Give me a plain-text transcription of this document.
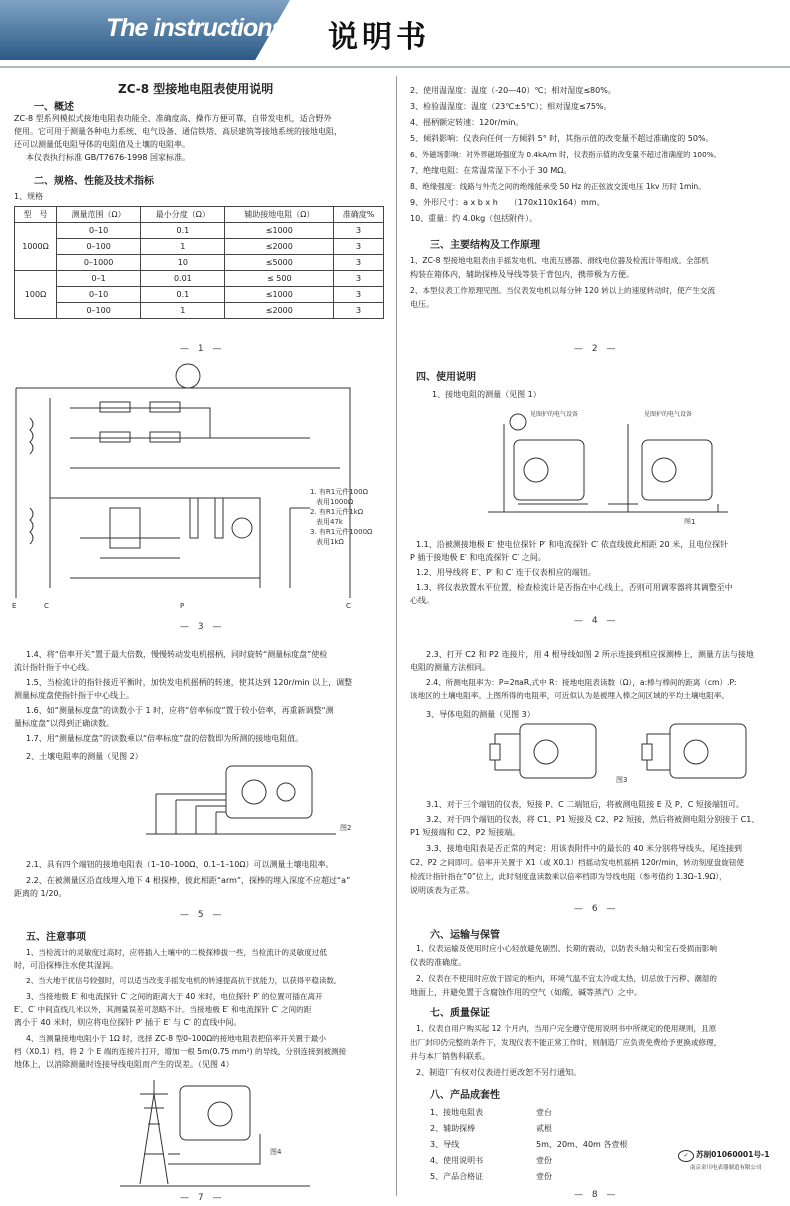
The instructions 说明书
ZC-8 型接地电阻表使用说明
一、概述
ZC-8 型系列模拟式接地电阻表功能全、准确度高、操作方便可靠，自带发电机，适合野外
使用。它可用于测量各种电力系统、电气设备、通信铁塔、高层建筑等接地系统的接地电阻，
还可以测量低电阻导体的电阻值及土壤的电阻率。
本仪表执行标准 GB/T7676-1998 国家标准。
二、规格、性能及技术指标
1、规格
型　号	测量范围（Ω）	最小分度（Ω）	辅助接地电阻（Ω）	准确度%
1000Ω	0–10	0.1	≤1000	3
	0–100	1	≤2000	3
	0–1000	10	≤5000	3
100Ω	0–1	0.01	≤ 500	3
	0–10	0.1	≤1000	3
	0–100	1	≤2000	3
— 1 —
2、使用温湿度：温度（-20—40）℃；相对湿度≤80%。
3、检验温湿度：温度（23℃±5℃）；相对湿度≤75%。
4、摇柄额定转速：120r/min。
5、倾斜影响：仪表向任何一方倾斜 5° 时，其指示值的改变量不超过准确度的 50%。
6、外磁场影响：对外界磁场强度为 0.4kA/m 时，仪表指示值的改变量不超过准确度的 100%。
7、绝缘电阻：在常温常湿下不小于 30 MΩ。
8、绝缘强度：线路与外壳之间的绝缘能承受 50 Hz 的正弦波交流电压 1kv 历时 1min。
9、外形尺寸：a x b x h　　（170x110x164）mm。
10、重量：约 4.0kg（包括附件）。
三、主要结构及工作原理
1、ZC-8 型接地电阻表由手摇发电机、电流互感器、滑线电位器及检流计等组成。全部机
构装在箱体内，辅助探棒及导线等装于背包内，携带极为方便。
2、本型仪表工作原理见图。当仪表发电机以每分钟 120 转以上的速度转动时，使产生交流
电压。
— 2 —
1. 有R1元件100Ω
表用1000Ω
2. 有R1元件1kΩ
表用47k
3. 有R1元件1000Ω
表用1kΩ
E	C	P	C
— 3 —
四、使用说明
1、接地电阻的测量（见图 1）
见图护的电气设备	见图护的电气设备
图1
1.1、沿被测接地极 E′ 使电位探针 P′ 和电流探针 C′ 依直线彼此相距 20 米，且电位探针
P 插于接地极 E′ 和电流探针 C′ 之间。
1.2、用导线将 E′、P′ 和 C′ 连于仪表相应的端钮。
1.3、将仪表放置水平位置，检查检流计是否指在中心线上，否则可用调零器将其调整至中
心线。
— 4 —
1.4、将“倍率开关”置于最大倍数，慢慢转动发电机摇柄，同时旋转“测量标度盘”使检
流计指针指于中心线。
1.5、当检流计的指针接近平衡时，加快发电机摇柄的转速，使其达到 120r/min 以上，调整
测量标度盘使指针指于中心线上。
1.6、如“测量标度盘”的读数小于 1 时，应将“倍率标度”置于较小倍率，再重新调整“测
量标度盘”以得到正确读数。
1.7、用“测量标度盘”的读数乘以“倍率标度”盘的倍数即为所测的接地电阻值。
2、土壤电阻率的测量（见图 2）
图2
2.1、具有四个端钮的接地电阻表（1–10–100Ω、0.1–1–10Ω）可以测量土壤电阻率。
2.2、在被测量区沿直线埋入地下 4 根探棒，彼此相距“arm”，探棒的埋入深度不应超过“a”
距离的 1/20。
— 5 —
2.3、打开 C2 和 P2 连接片，用 4 根导线如图 2 所示连接到相应探测棒上，测量方法与接地
电阻的测量方法相同。
2.4、所测电阻率为：P=2πaR,式中 R：接地电阻表读数（Ω），a:棒与棒间的距离（cm）.P:
该地区的土壤电阻率。上图所得的电阻率，可近似认为是被埋入棒之间区域的平均土壤电阻率。
3、导体电阻的测量（见图 3）
图3
3.1、对于三个端钮的仪表，短接 P、C 二端钮后，将被测电阻接 E 及 P、C 短接端钮可。
3.2、对于四个端钮的仪表，将 C1、P1 短接及 C2、P2 短接，然后将被测电阻分别接于 C1、
P1 短接端和 C2、P2 短接端。
3.3、接地电阻表是否正常的判定：用该表附件中的最长的 40 米分别将导线头、尾连接到
C2、P2 之间即可。倍率开关置于 X1（或 X0.1）档摇动发电机摇柄 120r/min，转动刻度盘旋钮使
检流计指针指在“0”位上，此时刻度盘读数乘以倍率档即为导线电阻（参考值约 1.3Ω–1.9Ω），
说明该表为正常。
— 6 —
五、注意事项
1、当检流计的灵敏度过高时，应将插入土壤中的二极探棒拔一些，当检流计的灵敏度过低
时，可沿探棒注水使其湿润。
2、当大地干扰信号较强时，可以适当改变手摇发电机的转速提高抗干扰能力，以获得平稳读数。
3、当接地极 E′ 和电流探针 C′ 之间的距离大于 40 米时，电位探针 P′ 的位置可插在离开
E′、C′ 中间直线几米以外，其测量误差可忽略不计。当接地极 E′ 和电流探针 C′ 之间的距
离小于 40 米时，则应将电位探针 P′ 插于 E′ 与 C′ 的直线中间。
4、当测量接地电阻小于 1Ω 时，选择 ZC-8 型0–100Ω的接地电阻表把倍率开关置于最小
档（X0.1）档，将 2 个 E 端的连接片打开，增加一根 5m(0.75 mm²) 的导线，分别连接到被测接
地体上，以消除测量时连接导线电阻而产生的误差。（见图 4）
图4
— 7 —
六、运输与保管
1、仪表运输及使用时应小心轻放避免剧烈、长期的震动，以防表头轴尖和宝石受损而影响
仪表的准确度。
2、仪表在不使用时应放于固定的柜内，环境气温不宜太冷或太热，切忌放于污秽、潮湿的
地面上，并避免置于含腐蚀作用的空气（如酸、碱等蒸汽）之中。
七、质量保证
1、仪表自用户购买起 12 个月内，当用户完全遵守使用说明书中所规定的使用规则，且原
出厂封印仍完整的条件下，发现仪表不能正常工作时，则制造厂应负责免费给予更换或修理，
并与本厂销售科联系。
2、制造厂有权对仪表进行更改恕不另行通知。
八、产品成套性
1、接地电阻表	壹台
2、辅助探棒	贰根
3、导线	5m、20m、40m 各壹根
4、使用说明书	壹份
5、产品合格证	壹份
✓ 苏制01060001号-1
南京金川电表器制造有限公司
— 8 —
